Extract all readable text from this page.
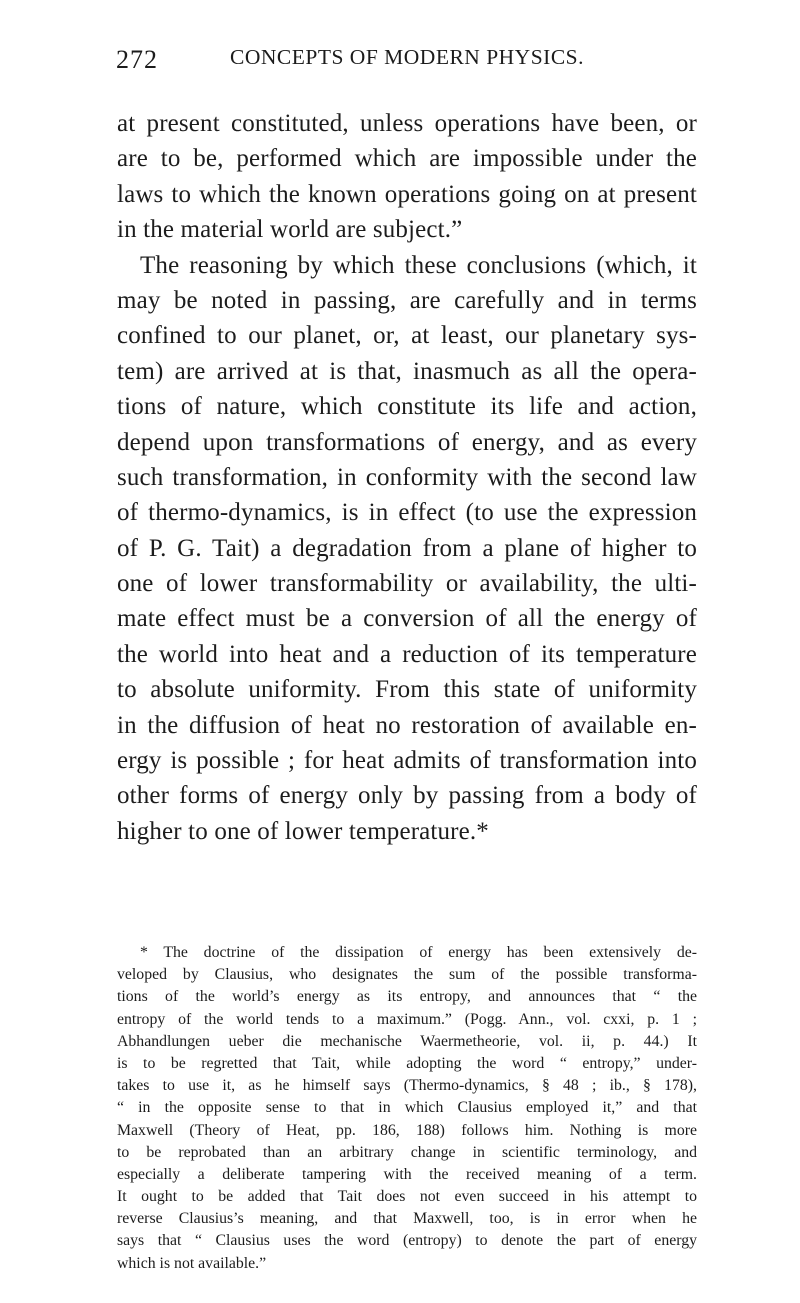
272	CONCEPTS OF MODERN PHYSICS.
at present constituted, unless operations have been, or
are to be, performed which are impossible under the
laws to which the known operations going on at present
in the material world are subject.”
The reasoning by which these conclusions (which, it
may be noted in passing, are carefully and in terms
confined to our planet, or, at least, our planetary sys-
tem) are arrived at is that, inasmuch as all the opera-
tions of nature, which constitute its life and action,
depend upon transformations of energy, and as every
such transformation, in conformity with the second law
of thermo-dynamics, is in effect (to use the expression
of P. G. Tait) a degradation from a plane of higher to
one of lower transformability or availability, the ulti-
mate effect must be a conversion of all the energy of
the world into heat and a reduction of its temperature
to absolute uniformity. From this state of uniformity
in the diffusion of heat no restoration of available en-
ergy is possible ; for heat admits of transformation into
other forms of energy only by passing from a body of
higher to one of lower temperature.*
* The doctrine of the dissipation of energy has been extensively de-
veloped by Clausius, who designates the sum of the possible transforma-
tions of the world’s energy as its entropy, and announces that “ the
entropy of the world tends to a maximum.” (Pogg. Ann., vol. cxxi, p. 1 ;
Abhandlungen ueber die mechanische Waermetheorie, vol. ii, p. 44.) It
is to be regretted that Tait, while adopting the word “ entropy,” under-
takes to use it, as he himself says (Thermo-dynamics, § 48 ; ib., § 178),
“ in the opposite sense to that in which Clausius employed it,” and that
Maxwell (Theory of Heat, pp. 186, 188) follows him. Nothing is more
to be reprobated than an arbitrary change in scientific terminology, and
especially a deliberate tampering with the received meaning of a term.
It ought to be added that Tait does not even succeed in his attempt to
reverse Clausius’s meaning, and that Maxwell, too, is in error when he
says that “ Clausius uses the word (entropy) to denote the part of energy
which is not available.”
